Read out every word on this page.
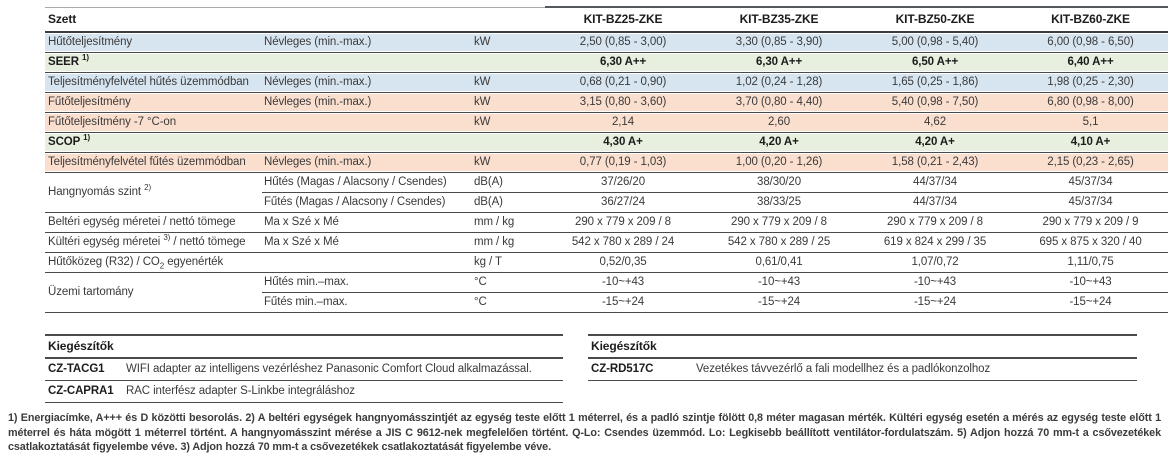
Szett			KIT-BZ25-ZKE	KIT-BZ35-ZKE	KIT-BZ50-ZKE	KIT-BZ60-ZKE
Hűtőteljesítmény	Névleges (min.-max.)	kW	2,50 (0,85 - 3,00)	3,30 (0,85 - 3,90)	5,00 (0,98 - 5,40)	6,00 (0,98 - 6,50)
SEER $^{1)}$			6,30 A++	6,30 A++	6,50 A++	6,40 A++
Teljesítményfelvétel hűtés üzemmódban	Névleges (min.-max.)	kW	0,68 (0,21 - 0,90)	1,02 (0,24 - 1,28)	1,65 (0,25 - 1,86)	1,98 (0,25 - 2,30)
Fűtőteljesítmény	Névleges (min.-max.)	kW	3,15 (0,80 - 3,60)	3,70 (0,80 - 4,40)	5,40 (0,98 - 7,50)	6,80 (0,98 - 8,00)
Fűtőteljesítmény -7 °C-on		kW	2,14	2,60	4,62	5,1
SCOP $^{1)}$			4,30 A+	4,20 A+	4,20 A+	4,10 A+
Teljesítményfelvétel fűtés üzemmódban	Névleges (min.-max.)	kW	0,77 (0,19 - 1,03)	1,00 (0,20 - 1,26)	1,58 (0,21 - 2,43)	2,15 (0,23 - 2,65)
Hangnyomás szint $^{2)}$	Hűtés (Magas / Alacsony / Csendes)	dB(A)	37/26/20	38/30/20	44/37/34	45/37/34
	Fűtés (Magas / Alacsony / Csendes)	dB(A)	36/27/24	38/33/25	44/37/34	45/37/34
Beltéri egység méretei / nettó tömege	Ma x Szé x Mé	mm / kg	290 x 779 x 209 / 8	290 x 779 x 209 / 8	290 x 779 x 209 / 8	290 x 779 x 209 / 9
Kültéri egység méretei $^{3)}$ / nettó tömege	Ma x Szé x Mé	mm / kg	542 x 780 x 289 / 24	542 x 780 x 289 / 25	619 x 824 x 299 / 35	695 x 875 x 320 / 40
Hűtőközeg $(R32) / CO_2$ egyenérték		kg / T	0,52/0,35	0,61/0,41	1,07/0,72	1,11/0,75
Üzemi tartomány	Hűtés min.–max.	°C	-10~+43	-10~+43	-10~+43	-10~+43
	Fűtés min.–max.	°C	-15~+24	-15~+24	-15~+24	-15~+24
Kiegészítők
CZ-TACG1	WIFI adapter az intelligens vezérléshez Panasonic Comfort Cloud alkalmazással.
CZ-CAPRA1	RAC interfész adapter S-Linkbe integráláshoz
Kiegészítők
CZ-RD517C	Vezetékes távvezérlő a fali modellhez és a padlókonzolhoz

1) Energiacímke, A+++ és D közötti besorolás. 2) A beltéri egységek hangnyomásszintjét az egység teste előtt 1 méterrel, és a padló szintje fölött 0,8 méter magasan mérték. Kültéri egység esetén a mérés az egység teste előtt 1 méterrel és háta mögött 1 méterrel történt. A hangnyomásszint mérése a JIS C 9612-nek megfelelően történt. Q-Lo: Csendes üzemmód. Lo: Legkisebb beállított ventilátor-fordulatszám. 5) Adjon hozzá 70 mm-t a csővezetékek csatlakoztatását figyelembe véve. 3) Adjon hozzá 70 mm-t a csővezetékek csatlakoztatását figyelembe véve.
